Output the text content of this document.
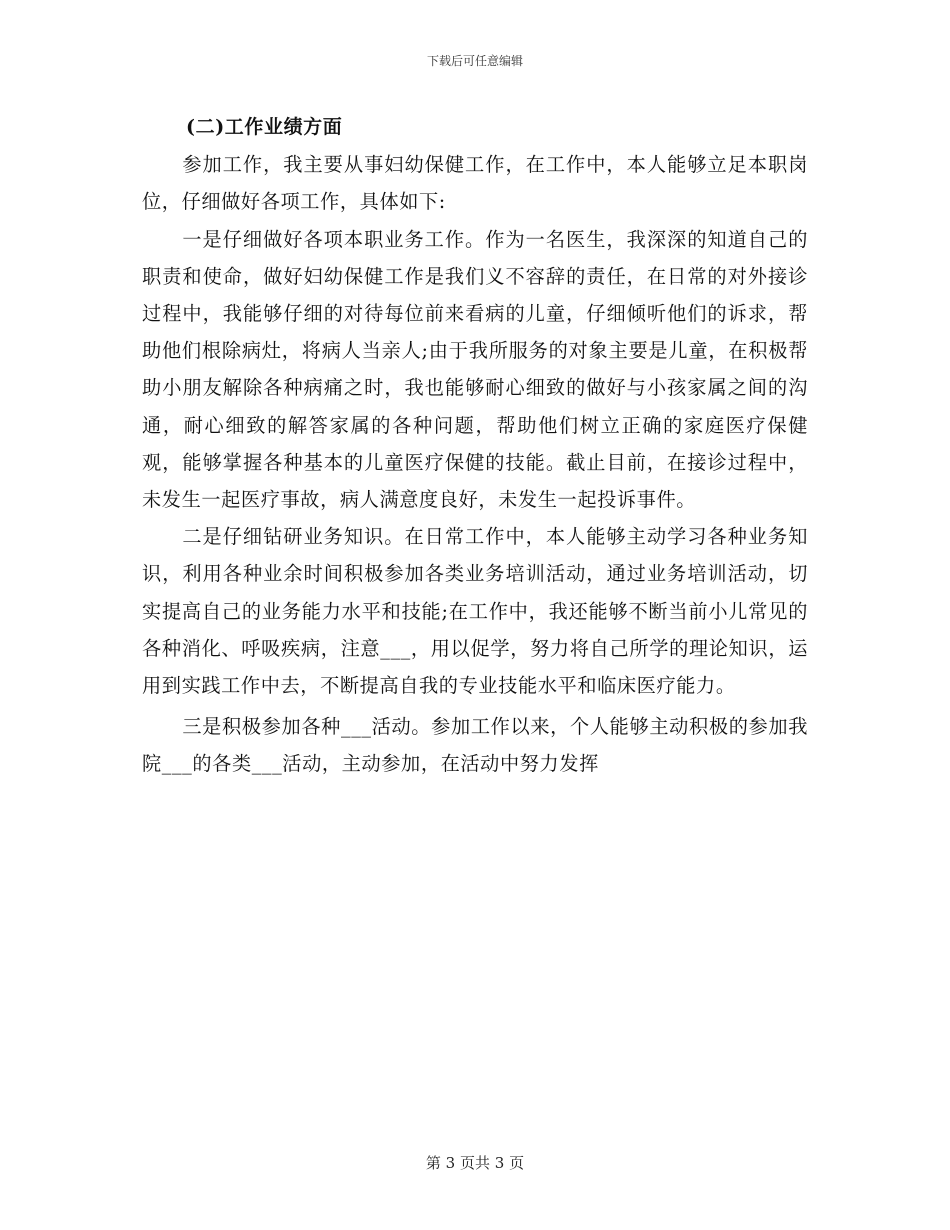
下载后可任意编辑

(二)工作业绩方面

参加工作，我主要从事妇幼保健工作，在工作中，本人能够立足本职岗位，仔细做好各项工作，具体如下:

一是仔细做好各项本职业务工作。作为一名医生，我深深的知道自己的职责和使命，做好妇幼保健工作是我们义不容辞的责任，在日常的对外接诊过程中，我能够仔细的对待每位前来看病的儿童，仔细倾听他们的诉求，帮助他们根除病灶，将病人当亲人;由于我所服务的对象主要是儿童，在积极帮助小朋友解除各种病痛之时，我也能够耐心细致的做好与小孩家属之间的沟通，耐心细致的解答家属的各种问题，帮助他们树立正确的家庭医疗保健观，能够掌握各种基本的儿童医疗保健的技能。截止目前，在接诊过程中，未发生一起医疗事故，病人满意度良好，未发生一起投诉事件。

二是仔细钻研业务知识。在日常工作中，本人能够主动学习各种业务知识，利用各种业余时间积极参加各类业务培训活动，通过业务培训活动，切实提高自己的业务能力水平和技能;在工作中，我还能够不断当前小儿常见的各种消化、呼吸疾病，注意___，用以促学，努力将自己所学的理论知识，运用到实践工作中去，不断提高自我的专业技能水平和临床医疗能力。

三是积极参加各种___活动。参加工作以来，个人能够主动积极的参加我院___的各类___活动，主动参加，在活动中努力发挥

第 3 页共 3 页
